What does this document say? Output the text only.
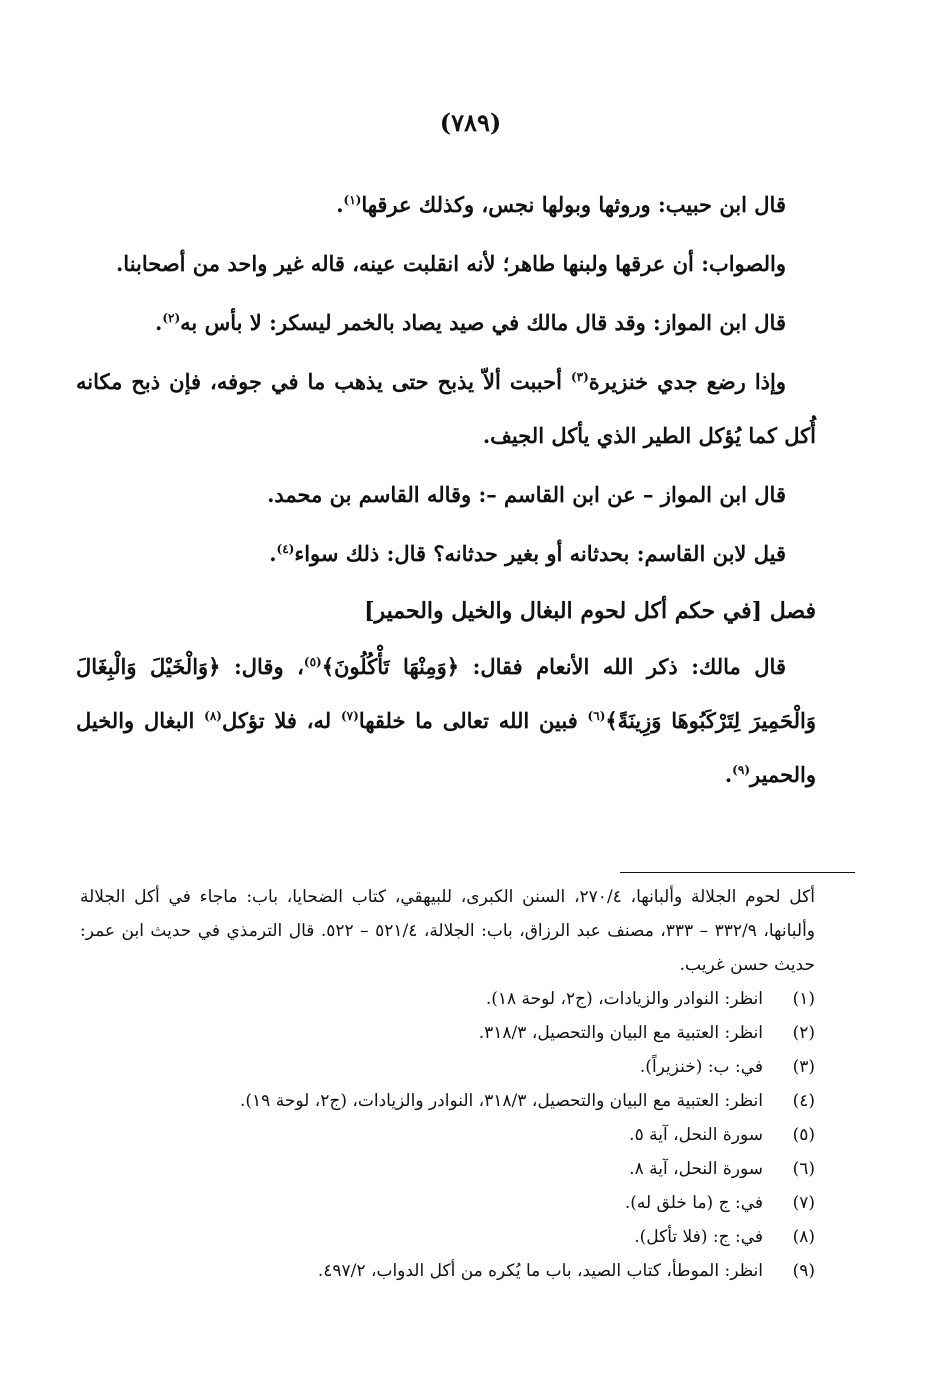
(٧٨٩)

قال ابن حبيب: وروثها وبولها نجس، وكذلك عرقها$^{(١)}$.

والصواب: أن عرقها ولبنها طاهر؛ لأنه انقلبت عينه، قاله غير واحد من أصحابنا.

قال ابن المواز: وقد قال مالك في صيد يصاد بالخمر ليسكر: لا بأس به$^{(٢)}$.

وإذا رضع جدي خنزيرة$^{(٣)}$ أحببت ألاّ يذبح حتى يذهب ما في جوفه، فإن ذبح مكانه أُكل كما يُؤكل الطير الذي يأكل الجيف.

قال ابن المواز – عن ابن القاسم –: وقاله القاسم بن محمد.

قيل لابن القاسم: بحدثانه أو بغير حدثانه؟ قال: ذلك سواء$^{(٤)}$.

فصل [في حكم أكل لحوم البغال والخيل والحمير]

قال مالك: ذكر الله الأنعام فقال: ﴿وَمِنْهَا تَأْكُلُونَ﴾$^{(٥)}$، وقال: ﴿وَالْخَيْلَ وَالْبِغَالَ وَالْحَمِيرَ لِتَرْكَبُوهَا وَزِينَةً﴾$^{(٦)}$ فبين الله تعالى ما خلقها$^{(٧)}$ له، فلا تؤكل$^{(٨)}$ البغال والخيل والحمير$^{(٩)}$.

أكل لحوم الجلالة وألبانها، ٢٧٠/٤، السنن الكبرى، للبيهقي، كتاب الضحايا، باب: ماجاء في أكل الجلالة وألبانها، ٣٣٢/٩ – ٣٣٣، مصنف عبد الرزاق، باب: الجلالة، ٥٢١/٤ – ٥٢٢. قال الترمذي في حديث ابن عمر: حديث حسن غريب.
(١)
انظر: النوادر والزيادات، (ج٢، لوحة ١٨).
(٢)
انظر: العتبية مع البيان والتحصيل، ٣١٨/٣.
(٣)
في: ب: (خنزيراً).
(٤)
انظر: العتبية مع البيان والتحصيل، ٣١٨/٣، النوادر والزيادات، (ج٢، لوحة ١٩).
(٥)
سورة النحل، آية ٥.
(٦)
سورة النحل، آية ٨.
(٧)
في: ج (ما خلق له).
(٨)
في: ج: (فلا تأكل).
(٩)
انظر: الموطأ، كتاب الصيد، باب ما يُكره من أكل الدواب، ٤٩٧/٢.
